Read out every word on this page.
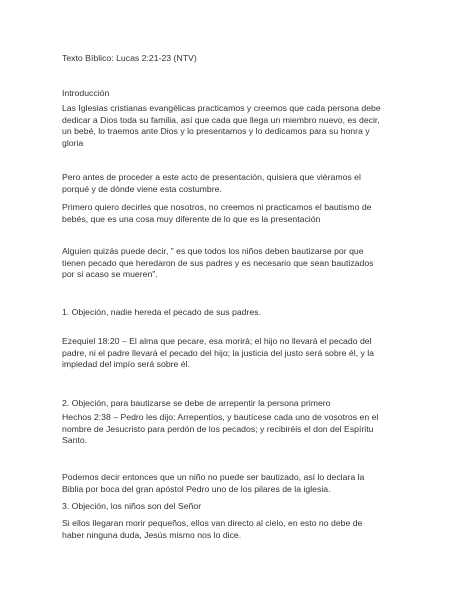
Texto Bíblico: Lucas 2:21-23 (NTV)

Introducción

Las Iglesias cristianas evangélicas practicamos y creemos que cada persona debe
dedicar a Dios toda su familia, así que cada que llega un miembro nuevo, es decir,
un bebé, lo traemos ante Dios y lo presentamos y lo dedicamos para su honra y
gloria
Pero antes de proceder a este acto de presentación, quisiera que viéramos el
porqué y de dónde viene esta costumbre.
Primero quiero decirles que nosotros, no creemos ni practicamos el bautismo de
bebés, que es una cosa muy diferente de lo que es la presentación
Alguien quizás puede decir, " es que todos los niños deben bautizarse por que
tienen pecado que heredaron de sus padres y es necesario que sean bautizados
por si acaso se mueren".

1. Objeción, nadie hereda el pecado de sus padres.

Ezequiel 18:20 – El alma que pecare, esa morirá; el hijo no llevará el pecado del
padre, ni el padre llevará el pecado del hijo; la justicia del justo será sobre él, y la
impiedad del impío será sobre él.

2. Objeción, para bautizarse se debe de arrepentir la persona primero

Hechos 2:38 – Pedro les dijo: Arrepentíos, y bautícese cada uno de vosotros en el
nombre de Jesucristo para perdón de los pecados; y recibiréis el don del Espíritu
Santo.
Podemos decir entonces que un niño no puede ser bautizado, así lo declara la
Biblia por boca del gran apóstol Pedro uno de los pilares de la iglesia.

3. Objeción, los niños son del Señor

Si ellos llegaran morir pequeños, ellos van directo al cielo, en esto no debe de
haber ninguna duda, Jesús mismo nos lo dice.
